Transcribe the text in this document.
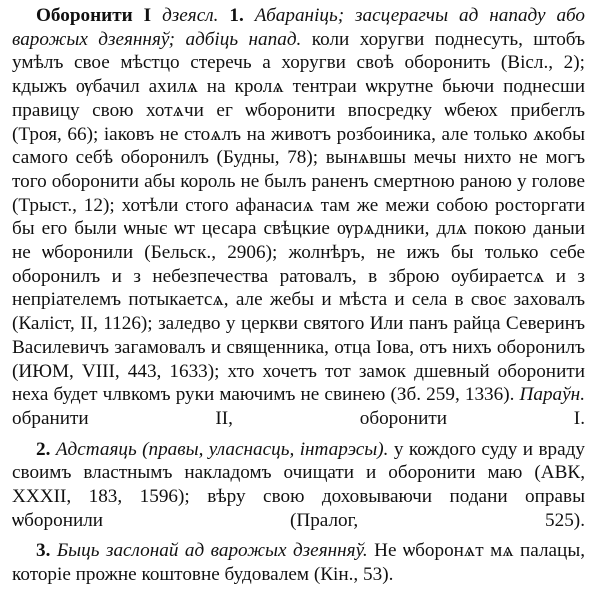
Оборонити I дзеясл. 1. Абараніць; засцерагчы ад нападу або варожых дзеянняў; адбіць напад. коли хоругви поднесуть, штобъ умѣлъ свое мѣстцо стеречь а хоругви своѣ оборонить (Вісл., 2); кдыжъ ѹбачил ахилѧ на кролѧ тентраи ѡкрутне бьючи поднесши правицу свою хотѧчи ег ѡборонити впосредку ѡбеюх прибеглъ (Троя, 66); іаковъ не стоѧлъ на животъ розбоиника, але только ѧкобы самого себѣ оборонилъ (Будны, 78); вынѧвшы мечы нихто не могъ того оборонити абы король не былъ раненъ смертною раною у голове (Трыст., 12); хотѣли стого афанасиѧ там же межи собою росторгати бы его были ѡныє ѡт цесара свѣцкие ѹрѧдники, длѧ покою даныи не ѡборонили (Бельск., 2906); жолнѣръ, не ижъ бы только себе оборонилъ и з небезпечества ратовалъ, в зброю оубираетсѧ и з непріателемъ потыкаетсѧ, але жебы и мѣста и села в своє заховалъ (Каліст, II, 1126); заледво у церкви святого Или панъ райца Северинъ Василевичъ загамовалъ и священника, отца Іова, отъ нихъ оборонилъ (ИЮМ, VIII, 443, 1633); хто хочетъ тот замок дшевный оборонити неха будет члвкомъ руки маючимъ не свинею (Зб. 259, 1336). Параўн. обранити II, оборонити I.

2. Адстаяць (правы, уласнасць, інтарэсы). у кождого суду и враду своимъ властнымъ накладомъ очищати и оборонити маю (АВК, XXXII, 183, 1596); вѣру свою доховываючи подани оправы ѡборонили (Пралог, 525).

3. Быць заслонай ад варожых дзеянняў. Не ѡборонѧт мѧ палацы, которіе прожне коштовне будовалем (Кін., 53).
